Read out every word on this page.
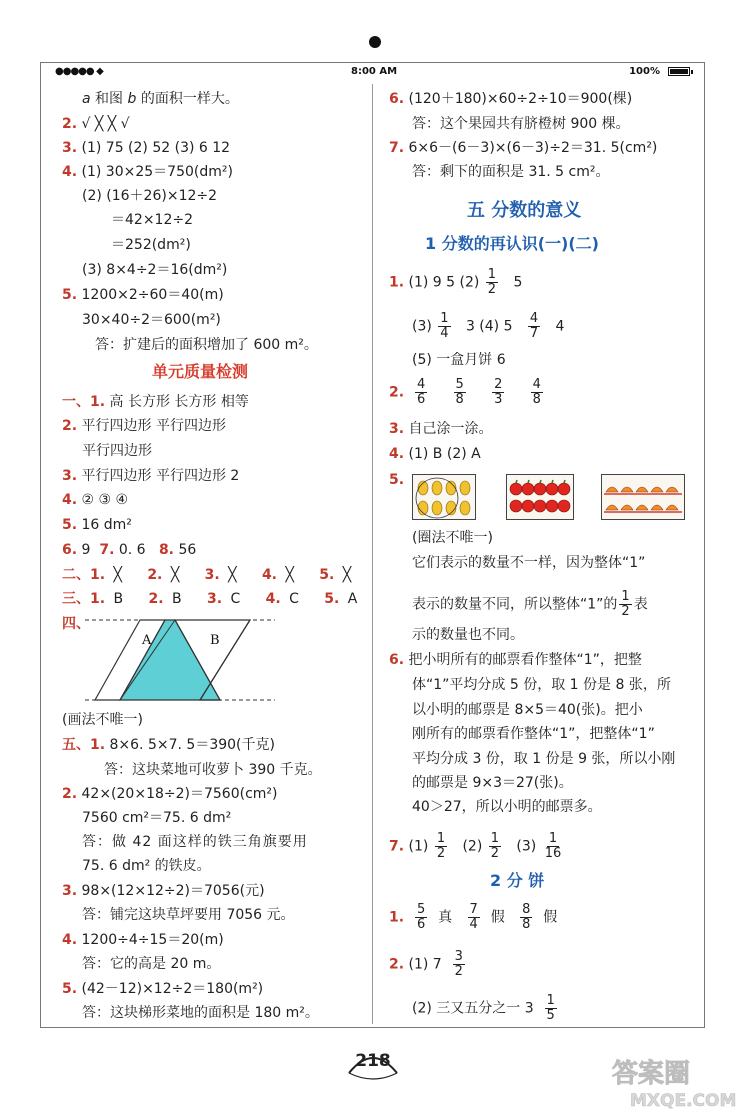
●●●●● ◆	8:00 AM	100%
a 和图 b 的面积一样大。
2. √ ╳ ╳ √
3. (1) 75 (2) 52 (3) 6 12
4. (1) 30×25＝750(dm²)
(2) (16＋26)×12÷2
＝42×12÷2
＝252(dm²)
(3) 8×4÷2＝16(dm²)
5. 1200×2÷60＝40(m)
30×40÷2＝600(m²)
答：扩建后的面积增加了 600 m²。
单元质量检测
一、1. 高 长方形 长方形 相等
2. 平行四边形 平行四边形
平行四边形
3. 平行四边形 平行四边形 2
4. ② ③ ④
5. 16 dm²
6. 9 7. 0. 6 8. 56
二、1. ╳ 2. ╳ 3. ╳ 4. ╳ 5. ╳
三、1. B 2. B 3. C 4. C 5. A
四、
A	B
(画法不唯一)
五、1. 8×6. 5×7. 5＝390(千克)
答：这块菜地可收萝卜 390 千克。
2. 42×(20×18÷2)＝7560(cm²)
7560 cm²＝75. 6 dm²
答：做 42 面这样的铁三角旗要用
75. 6 dm² 的铁皮。
3. 98×(12×12÷2)＝7056(元)
答：铺完这块草坪要用 7056 元。
4. 1200÷4÷15＝20(m)
答：它的高是 20 m。
5. (42－12)×12÷2＝180(m²)
答：这块梯形菜地的面积是 180 m²。
6. (120＋180)×60÷2÷10＝900(棵)
答：这个果园共有脐橙树 900 棵。
7. 6×6－(6－3)×(6－3)÷2＝31. 5(cm²)
答：剩下的面积是 31. 5 cm²。
五 分数的意义
1 分数的再认识(一)(二)
1. (1) 9 5 $(2) \frac{1}{2} 5$
$(3) \frac{1}{4} 3$ (4) $5 \frac{4}{7} 4$
(5) 一盒月饼 6
2. $\frac{4}{6}$
$\frac{5}{8}$
$\frac{2}{3}$
$\frac{4}{8}$
3. 自己涂一涂。
4. (1) B (2) A
5.
(圈法不唯一)
它们表示的数量不一样，因为整体“1”
表示的数量不同，所以整体“1”的 $\frac{1}{2}$ 表
示的数量也不同。
6. 把小明所有的邮票看作整体“1”，把整
体“1”平均分成 5 份，取 1 份是 8 张，所
以小明的邮票是 8×5＝40(张)。把小
刚所有的邮票看作整体“1”，把整体“1”
平均分成 3 份，取 1 份是 9 张，所以小刚
的邮票是 9×3＝27(张)。
40＞27，所以小明的邮票多。
7. $(1) \frac{1}{2} (2) \frac{1}{2} (3) \frac{1}{16}$
2 分 饼
1. $\frac{5}{6}$ 真 $\frac{7}{4}$ 假 $\frac{8}{8}$ 假
2. (1) $7 \frac{3}{2}$
(2) 三又五分之一 $3 \frac{1}{5}$
218	答案圈
MXQE.COM
